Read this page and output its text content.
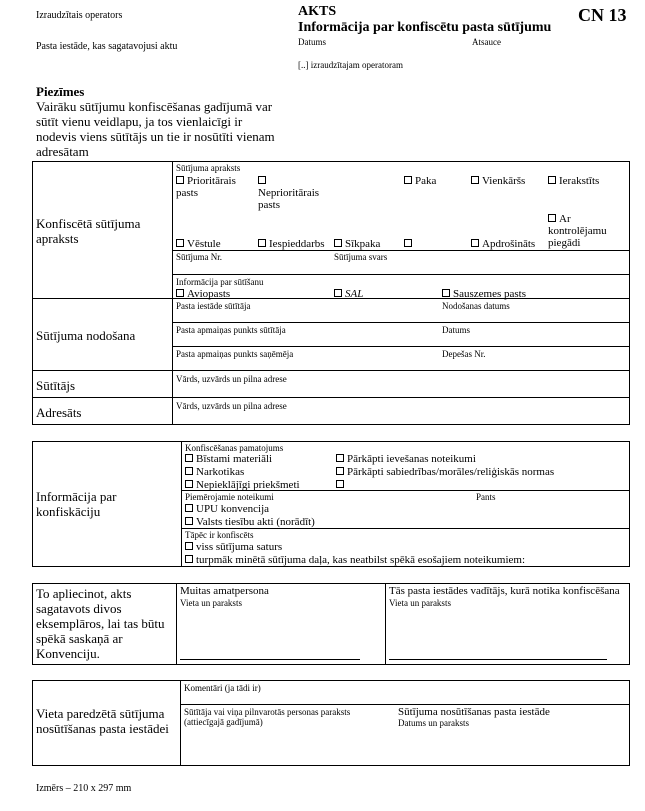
Izraudzītais operators
Pasta iestāde, kas sagatavojusi aktu
AKTS
Informācija par konfiscētu pasta sūtījumu
CN 13
Datums	Atsauce
[..] izraudzītajam operatoram
Piezīmes
Vairāku sūtījumu konfiscēšanas gadījumā var sūtīt vienu veidlapu, ja tos vienlaicīgi ir nodevis viens sūtītājs un tie ir nosūtīti vienam adresātam
Konfiscētā sūtījuma apraksts
Sūtījuma apraksts
Prioritārais pasts	Neprioritārais pasts
Paka	Vienkāršs	Ierakstīts
Ar kontrolējamu piegādi
Vēstule	Iespieddarbs	Sīkpaka	Apdrošināts
Sūtījuma Nr.	Sūtījuma svars
Informācija par sūtīšanu
Aviopasts	SAL	Sauszemes pasts
Sūtījuma nodošana
Pasta iestāde sūtītāja	Nodošanas datums
Pasta apmaiņas punkts sūtītāja	Datums
Pasta apmaiņas punkts saņēmēja	Depešas Nr.
Sūtītājs	Vārds, uzvārds un pilna adrese
Adresāts	Vārds, uzvārds un pilna adrese
Informācija par konfiskāciju
Konfiscēšanas pamatojums
Bīstami materiāli	Pārkāpti ievešanas noteikumi
Narkotikas	Pārkāpti sabiedrības/morāles/reliģiskās normas
Nepieklājīgi priekšmeti
Piemērojamie noteikumi	Pants
UPU konvencija
Valsts tiesību akti (norādīt)
Tāpēc ir konfiscēts
viss sūtījuma saturs
turpmāk minētā sūtījuma daļa, kas neatbilst spēkā esošajiem noteikumiem:
To apliecinot, akts sagatavots divos eksemplāros, lai tas būtu spēkā saskaņā ar Konvenciju.
Muitas amatpersona
Vieta un paraksts
Tās pasta iestādes vadītājs, kurā notika konfiscēšana
Vieta un paraksts
Vieta paredzētā sūtījuma nosūtīšanas pasta iestādei
Komentāri (ja tādi ir)
Sūtītāja vai viņa pilnvarotās personas paraksts (attiecīgajā gadījumā)
Sūtījuma nosūtīšanas pasta iestāde
Datums un paraksts
Izmērs – 210 x 297 mm
